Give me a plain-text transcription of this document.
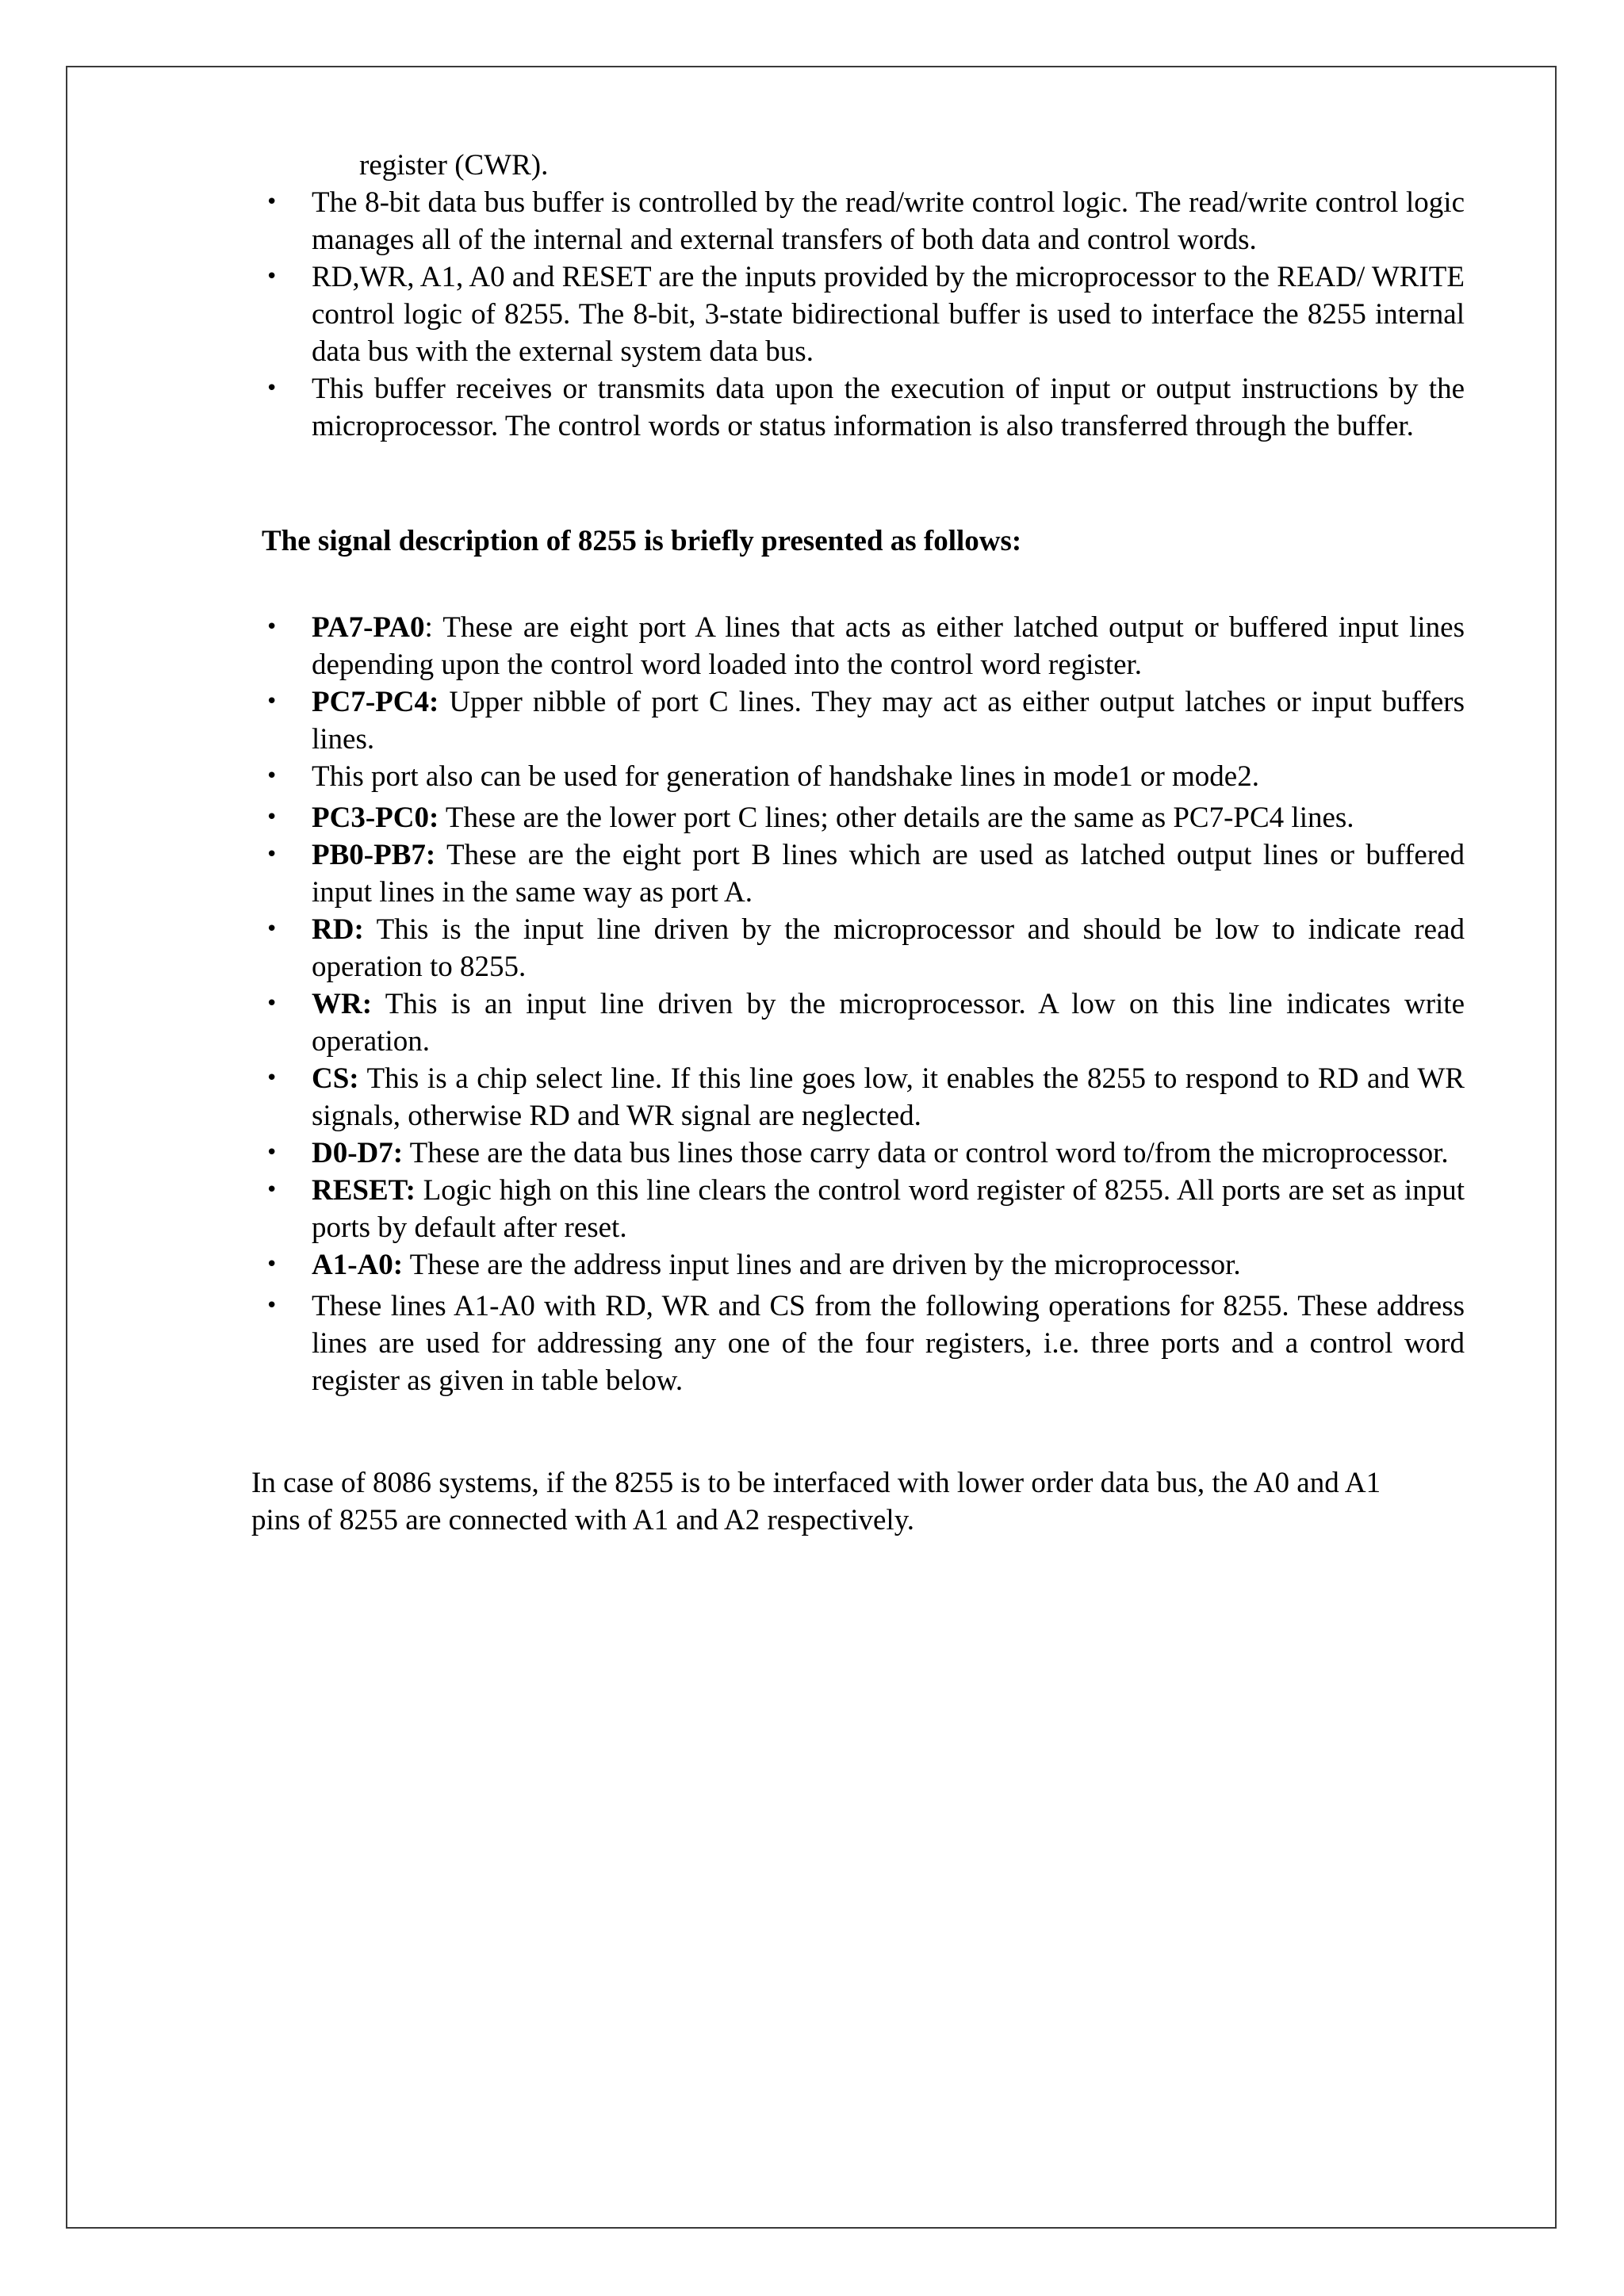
register (CWR).
• The 8-bit data bus buffer is controlled by the read/write control logic. The read/write control logic manages all of the internal and external transfers of both data and control words.
• RD,WR, A1, A0 and RESET are the inputs provided by the microprocessor to the READ/ WRITE control logic of 8255. The 8-bit, 3-state bidirectional buffer is used to interface the 8255 internal data bus with the external system data bus.
• This buffer receives or transmits data upon the execution of input or output instructions by the microprocessor. The control words or status information is also transferred through the buffer.
The signal description of 8255 is briefly presented as follows:
• PA7-PA0: These are eight port A lines that acts as either latched output or buffered input lines depending upon the control word loaded into the control word register.
• PC7-PC4: Upper nibble of port C lines. They may act as either output latches or input buffers lines.
• This port also can be used for generation of handshake lines in mode1 or mode2.
• PC3-PC0: These are the lower port C lines; other details are the same as PC7-PC4 lines.
• PB0-PB7: These are the eight port B lines which are used as latched output lines or buffered input lines in the same way as port A.
• RD: This is the input line driven by the microprocessor and should be low to indicate read operation to 8255.
• WR: This is an input line driven by the microprocessor. A low on this line indicates write operation.
• CS: This is a chip select line. If this line goes low, it enables the 8255 to respond to RD and WR signals, otherwise RD and WR signal are neglected.
• D0-D7: These are the data bus lines those carry data or control word to/from the microprocessor.
• RESET: Logic high on this line clears the control word register of 8255. All ports are set as input ports by default after reset.
• A1-A0: These are the address input lines and are driven by the microprocessor.
• These lines A1-A0 with RD, WR and CS from the following operations for 8255. These address lines are used for addressing any one of the four registers, i.e. three ports and a control word register as given in table below.
In case of 8086 systems, if the 8255 is to be interfaced with lower order data bus, the A0 and A1 pins of 8255 are connected with A1 and A2 respectively.
